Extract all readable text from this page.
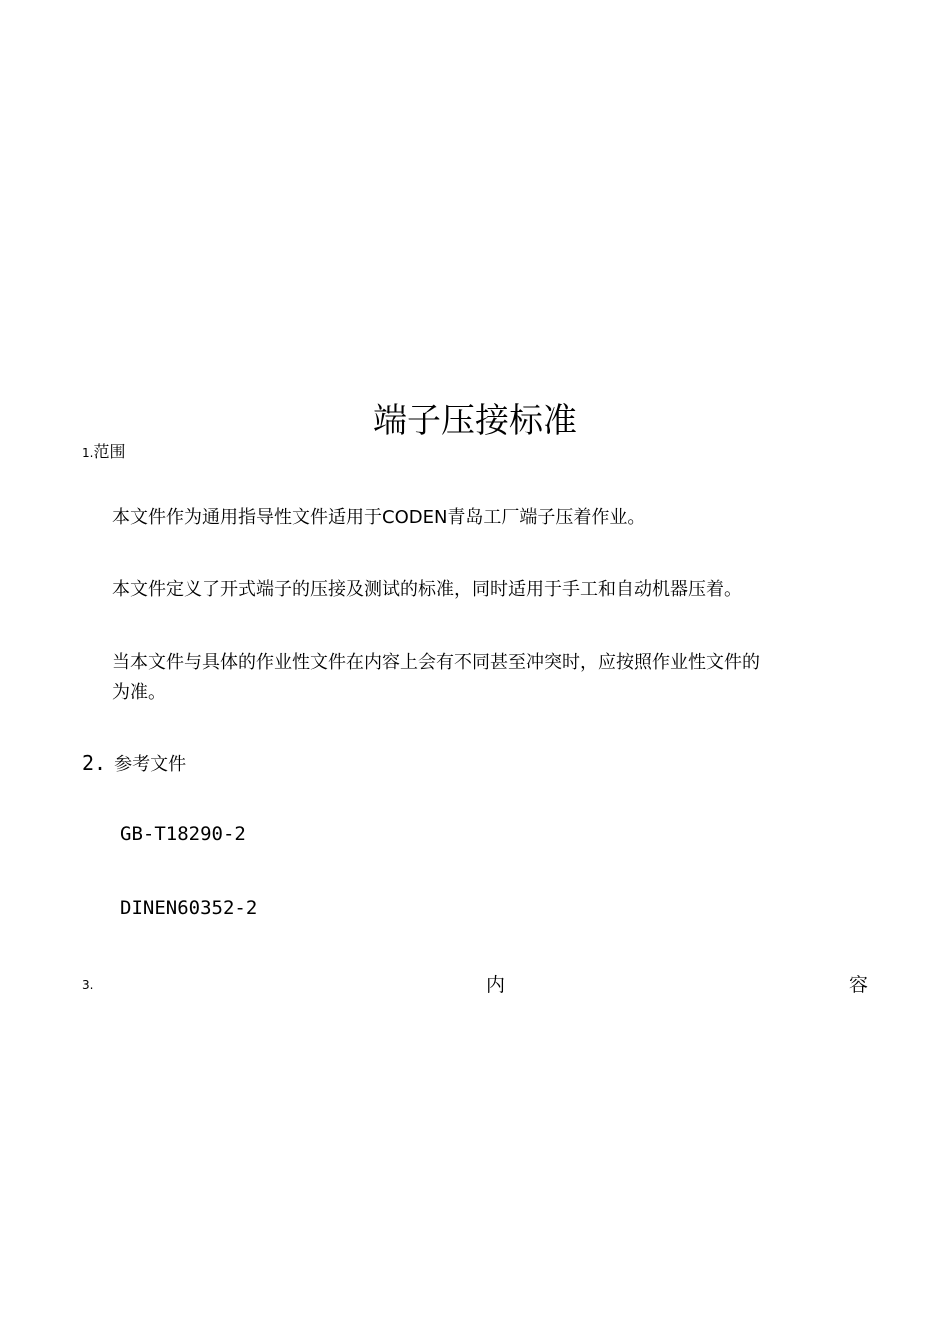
端子压接标准
1.范围
本文件作为通用指导性文件适用于CODEN青岛工厂端子压着作业。
本文件定义了开式端子的压接及测试的标准，同时适用于手工和自动机器压着。
当本文件与具体的作业性文件在内容上会有不同甚至冲突时，应按照作业性文件的为准。
2. 参考文件
GB-T18290-2
DINEN60352-2
3.	内	容
